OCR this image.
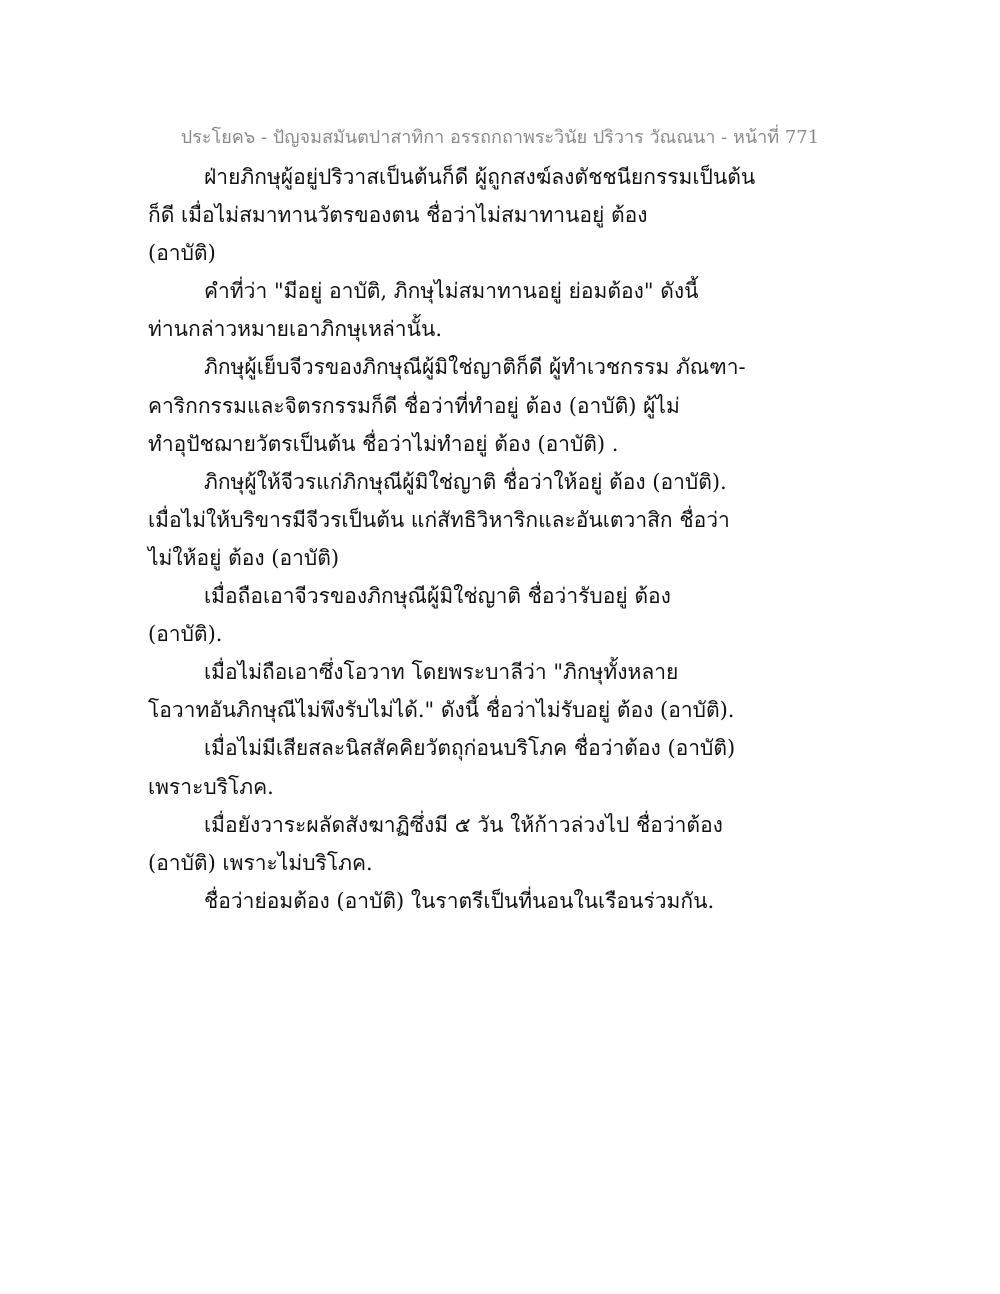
ประโยค๖ - ปัญจมสมันตปาสาทิกา อรรถกถาพระวินัย ปริวาร วัณณนา - หน้าที่ 771
ฝ่ายภิกษุผู้อยู่ปริวาสเป็นต้นก็ดี ผู้ถูกสงฆ์ลงตัชชนียกรรมเป็นต้น
ก็ดี เมื่อไม่สมาทานวัตรของตน ชื่อว่าไม่สมาทานอยู่ ต้อง
(อาบัติ)
คำที่ว่า "มีอยู่ อาบัติ, ภิกษุไม่สมาทานอยู่ ย่อมต้อง" ดังนี้
ท่านกล่าวหมายเอาภิกษุเหล่านั้น.
ภิกษุผู้เย็บจีวรของภิกษุณีผู้มิใช่ญาติก็ดี ผู้ทำเวชกรรม ภัณฑา-
คาริกกรรมและจิตรกรรมก็ดี ชื่อว่าที่ทำอยู่ ต้อง (อาบัติ) ผู้ไม่
ทำอุปัชฌายวัตรเป็นต้น ชื่อว่าไม่ทำอยู่ ต้อง (อาบัติ) .
ภิกษุผู้ให้จีวรแก่ภิกษุณีผู้มิใช่ญาติ ชื่อว่าให้อยู่ ต้อง (อาบัติ).
เมื่อไม่ให้บริขารมีจีวรเป็นต้น แก่สัทธิวิหาริกและอันเตวาสิก ชื่อว่า
ไม่ให้อยู่ ต้อง (อาบัติ)
เมื่อถือเอาจีวรของภิกษุณีผู้มิใช่ญาติ ชื่อว่ารับอยู่ ต้อง
(อาบัติ).
เมื่อไม่ถือเอาซึ่งโอวาท โดยพระบาลีว่า "ภิกษุทั้งหลาย
โอวาทอันภิกษุณีไม่พึงรับไม่ได้." ดังนี้ ชื่อว่าไม่รับอยู่ ต้อง (อาบัติ).
เมื่อไม่มีเสียสละนิสสัคคิยวัตถุก่อนบริโภค ชื่อว่าต้อง (อาบัติ)
เพราะบริโภค.
เมื่อยังวาระผลัดสังฆาฏิซึ่งมี ๕ วัน ให้ก้าวล่วงไป ชื่อว่าต้อง
(อาบัติ) เพราะไม่บริโภค.
ชื่อว่าย่อมต้อง (อาบัติ) ในราตรีเป็นที่นอนในเรือนร่วมกัน.
